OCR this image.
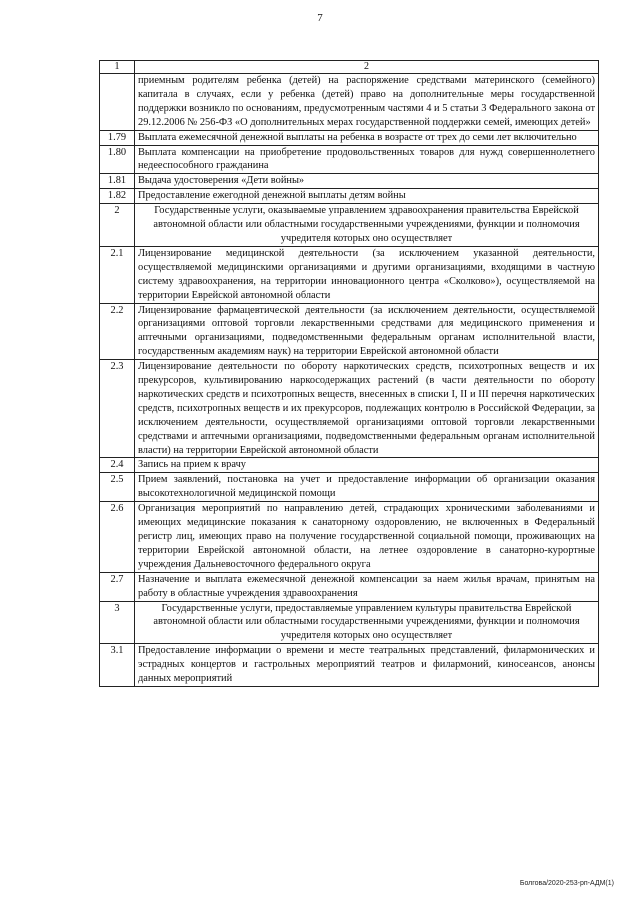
7
1	2
	приемным родителям ребенка (детей) на распоряжение средствами материнского (семейного) капитала в случаях, если у ребенка (детей) право на дополнительные меры государственной поддержки возникло по основаниям, предусмотренным частями 4 и 5 статьи 3 Федерального закона от 29.12.2006 № 256-ФЗ «О дополнительных мерах государственной поддержки семей, имеющих детей»
1.79	Выплата ежемесячной денежной выплаты на ребенка в возрасте от трех до семи лет включительно
1.80	Выплата компенсации на приобретение продовольственных товаров для нужд совершеннолетнего недееспособного гражданина
1.81	Выдача удостоверения «Дети войны»
1.82	Предоставление ежегодной денежной выплаты детям войны
2	Государственные услуги, оказываемые управлением здравоохранения правительства Еврейской автономной области или областными государственными учреждениями, функции и полномочия учредителя которых оно осуществляет
2.1	Лицензирование медицинской деятельности (за исключением указанной деятельности, осуществляемой медицинскими организациями и другими организациями, входящими в частную систему здравоохранения, на территории инновационного центра «Сколково»), осуществляемой на территории Еврейской автономной области
2.2	Лицензирование фармацевтической деятельности (за исключением деятельности, осуществляемой организациями оптовой торговли лекарственными средствами для медицинского применения и аптечными организациями, подведомственными федеральным органам исполнительной власти, государственным академиям наук) на территории Еврейской автономной области
2.3	Лицензирование деятельности по обороту наркотических средств, психотропных веществ и их прекурсоров, культивированию наркосодержащих растений (в части деятельности по обороту наркотических средств и психотропных веществ, внесенных в списки I, II и III перечня наркотических средств, психотропных веществ и их прекурсоров, подлежащих контролю в Российской Федерации, за исключением деятельности, осуществляемой организациями оптовой торговли лекарственными средствами и аптечными организациями, подведомственными федеральным органам исполнительной власти) на территории Еврейской автономной области
2.4	Запись на прием к врачу
2.5	Прием заявлений, постановка на учет и предоставление информации об организации оказания высокотехнологичной медицинской помощи
2.6	Организация мероприятий по направлению детей, страдающих хроническими заболеваниями и имеющих медицинские показания к санаторному оздоровлению, не включенных в Федеральный регистр лиц, имеющих право на получение государственной социальной помощи, проживающих на территории Еврейской автономной области, на летнее оздоровление в санаторно-курортные учреждения Дальневосточного федерального округа
2.7	Назначение и выплата ежемесячной денежной компенсации за наем жилья врачам, принятым на работу в областные учреждения здравоохранения
3	Государственные услуги, предоставляемые управлением культуры правительства Еврейской автономной области или областными государственными учреждениями, функции и полномочия учредителя которых оно осуществляет
3.1	Предоставление информации о времени и месте театральных представлений, филармонических и эстрадных концертов и гастрольных мероприятий театров и филармоний, киносеансов, анонсы данных мероприятий
Болгова/2020-253-рп-АДМ(1)
